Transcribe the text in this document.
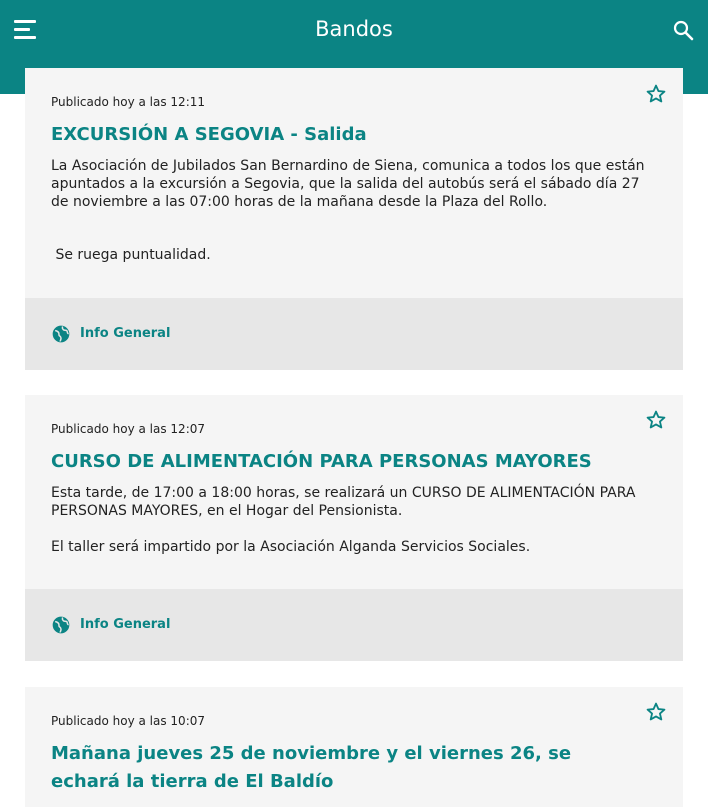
Bandos
Publicado hoy a las 12:11
EXCURSIÓN A SEGOVIA - Salida
La Asociación de Jubilados San Bernardino de Siena, comunica a todos los que están apuntados a la excursión a Segovia, que la salida del autobús será el sábado día 27 de noviembre a las 07:00 horas de la mañana desde la Plaza del Rollo.
Se ruega puntualidad.
Info General
Publicado hoy a las 12:07
CURSO DE ALIMENTACIÓN PARA PERSONAS MAYORES
Esta tarde, de 17:00 a 18:00 horas, se realizará un CURSO DE ALIMENTACIÓN PARA PERSONAS MAYORES, en el Hogar del Pensionista.
El taller será impartido por la Asociación Alganda Servicios Sociales.
Info General
Publicado hoy a las 10:07
Mañana jueves 25 de noviembre y el viernes 26, se echará la tierra de El Baldío
